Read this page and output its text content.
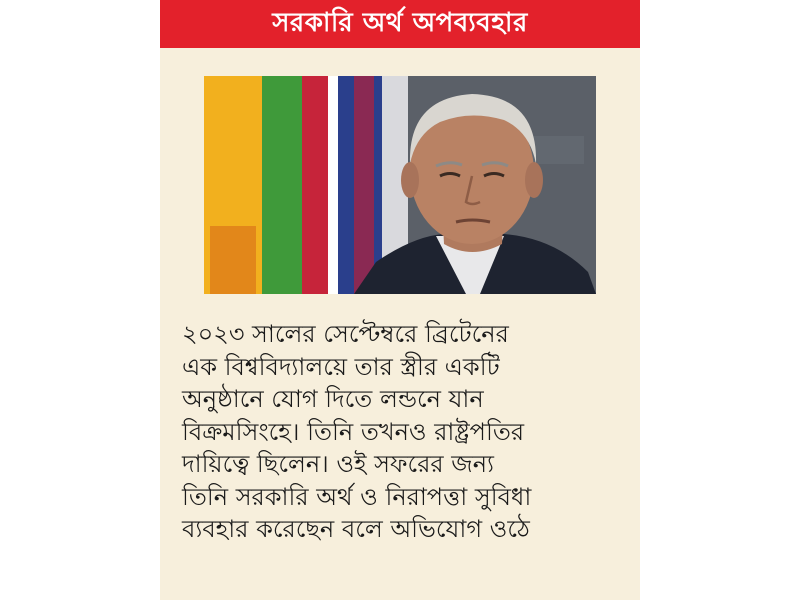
সরকারি অর্থ অপব্যবহার
২০২৩ সালের সেপ্টেম্বরে ব্রিটেনের
এক বিশ্ববিদ্যালয়ে তার স্ত্রীর একটি
অনুষ্ঠানে যোগ দিতে লন্ডনে যান
বিক্রমসিংহে। তিনি তখনও রাষ্ট্রপতির
দায়িত্বে ছিলেন। ওই সফরের জন্য
তিনি সরকারি অর্থ ও নিরাপত্তা সুবিধা
ব্যবহার করেছেন বলে অভিযোগ ওঠে
